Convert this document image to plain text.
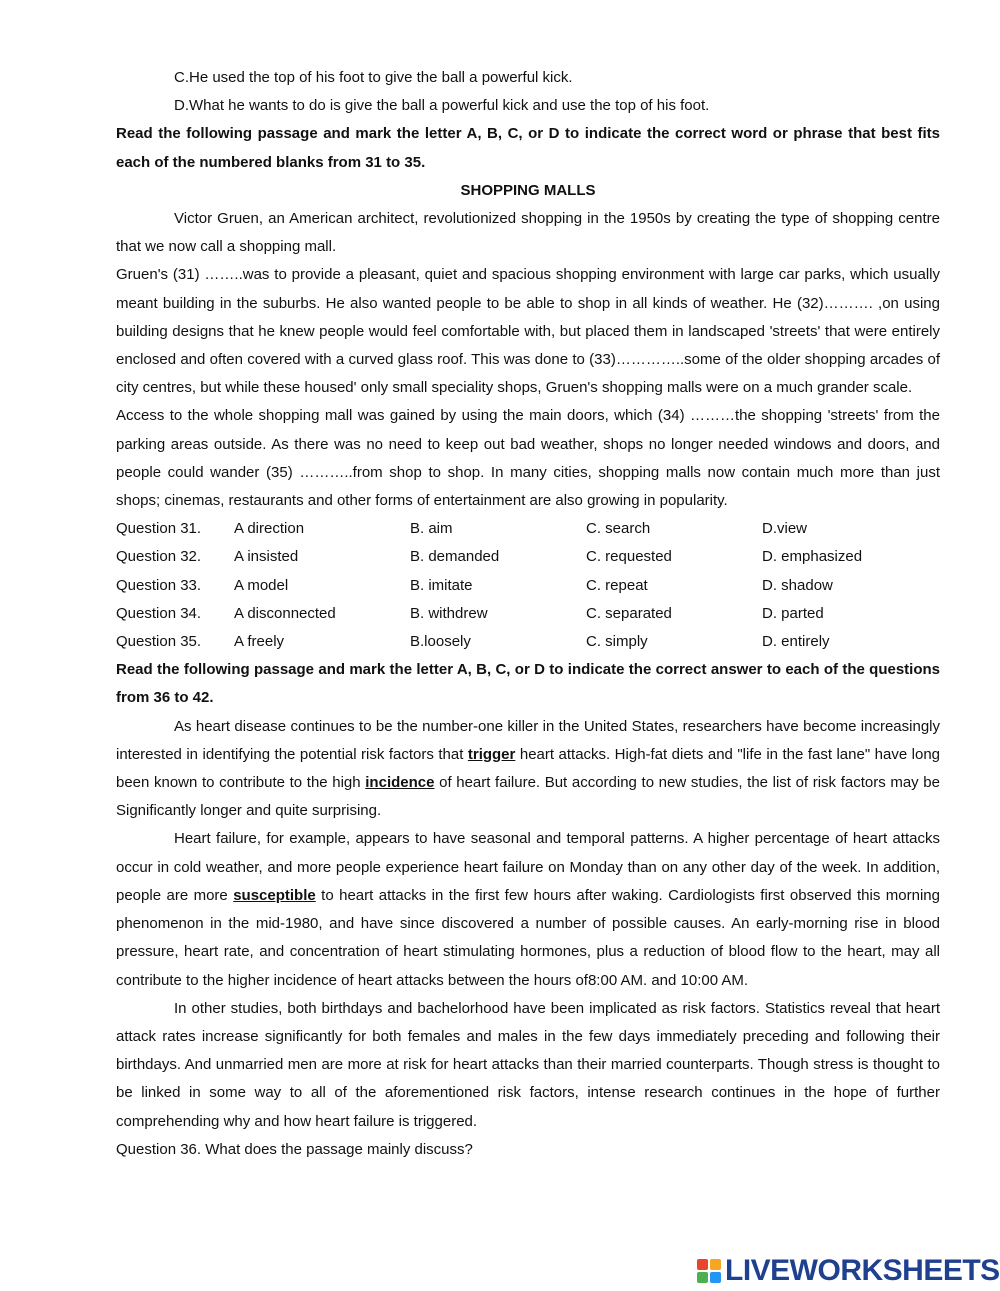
C.He used the top of his foot to give the ball a powerful kick.

D.What he wants to do is give the ball a powerful kick and use the top of his foot.

Read the following passage and mark the letter A, B, C, or D to indicate the correct word or phrase that best fits each of the numbered blanks from 31 to 35.

SHOPPING MALLS

Victor Gruen, an American architect, revolutionized shopping in the 1950s by creating the type of shopping centre that we now call a shopping mall.

Gruen's (31) ……..was to provide a pleasant, quiet and spacious shopping environment with large car parks, which usually meant building in the suburbs. He also wanted people to be able to shop in all kinds of weather. He (32)………. ,on using building designs that he knew people would feel comfortable with, but placed them in landscaped 'streets' that were entirely enclosed and often covered with a curved glass roof. This was done to (33)…………..some of the older shopping arcades of city centres, but while these housed' only small speciality shops, Gruen's shopping malls were on a much grander scale.

Access to the whole shopping mall was gained by using the main doors, which (34) ………the shopping 'streets' from the parking areas outside. As there was no need to keep out bad weather, shops no longer needed windows and doors, and people could wander (35) ………..from shop to shop. In many cities, shopping malls now contain much more than just shops; cinemas, restaurants and other forms of entertainment are also growing in popularity.

Question 31.	A direction	B. aim	C. search	D.view
Question 32.	A insisted	B. demanded	C. requested	D. emphasized
Question 33.	A model	B. imitate	C. repeat	D. shadow
Question 34.	A disconnected	B. withdrew	C. separated	D. parted
Question 35.	A freely	B.loosely	C. simply	D. entirely

Read the following passage and mark the letter A, B, C, or D to indicate the correct answer to each of the questions from 36 to 42.

As heart disease continues to be the number-one killer in the United States, researchers have become increasingly interested in identifying the potential risk factors that trigger heart attacks. High-fat diets and "life in the fast lane" have long been known to contribute to the high incidence of heart failure. But according to new studies, the list of risk factors may be Significantly longer and quite surprising.

Heart failure, for example, appears to have seasonal and temporal patterns. A higher percentage of heart attacks occur in cold weather, and more people experience heart failure on Monday than on any other day of the week. In addition, people are more susceptible to heart attacks in the first few hours after waking. Cardiologists first observed this morning phenomenon in the mid-1980, and have since discovered a number of possible causes. An early-morning rise in blood pressure, heart rate, and concentration of heart stimulating hormones, plus a reduction of blood flow to the heart, may all contribute to the higher incidence of heart attacks between the hours of8:00 AM. and 10:00 AM.

In other studies, both birthdays and bachelorhood have been implicated as risk factors. Statistics reveal that heart attack rates increase significantly for both females and males in the few days immediately preceding and following their birthdays. And unmarried men are more at risk for heart attacks than their married counterparts. Though stress is thought to be linked in some way to all of the aforementioned risk factors, intense research continues in the hope of further comprehending why and how heart failure is triggered.

Question 36. What does the passage mainly discuss?

LIVEWORKSHEETS
